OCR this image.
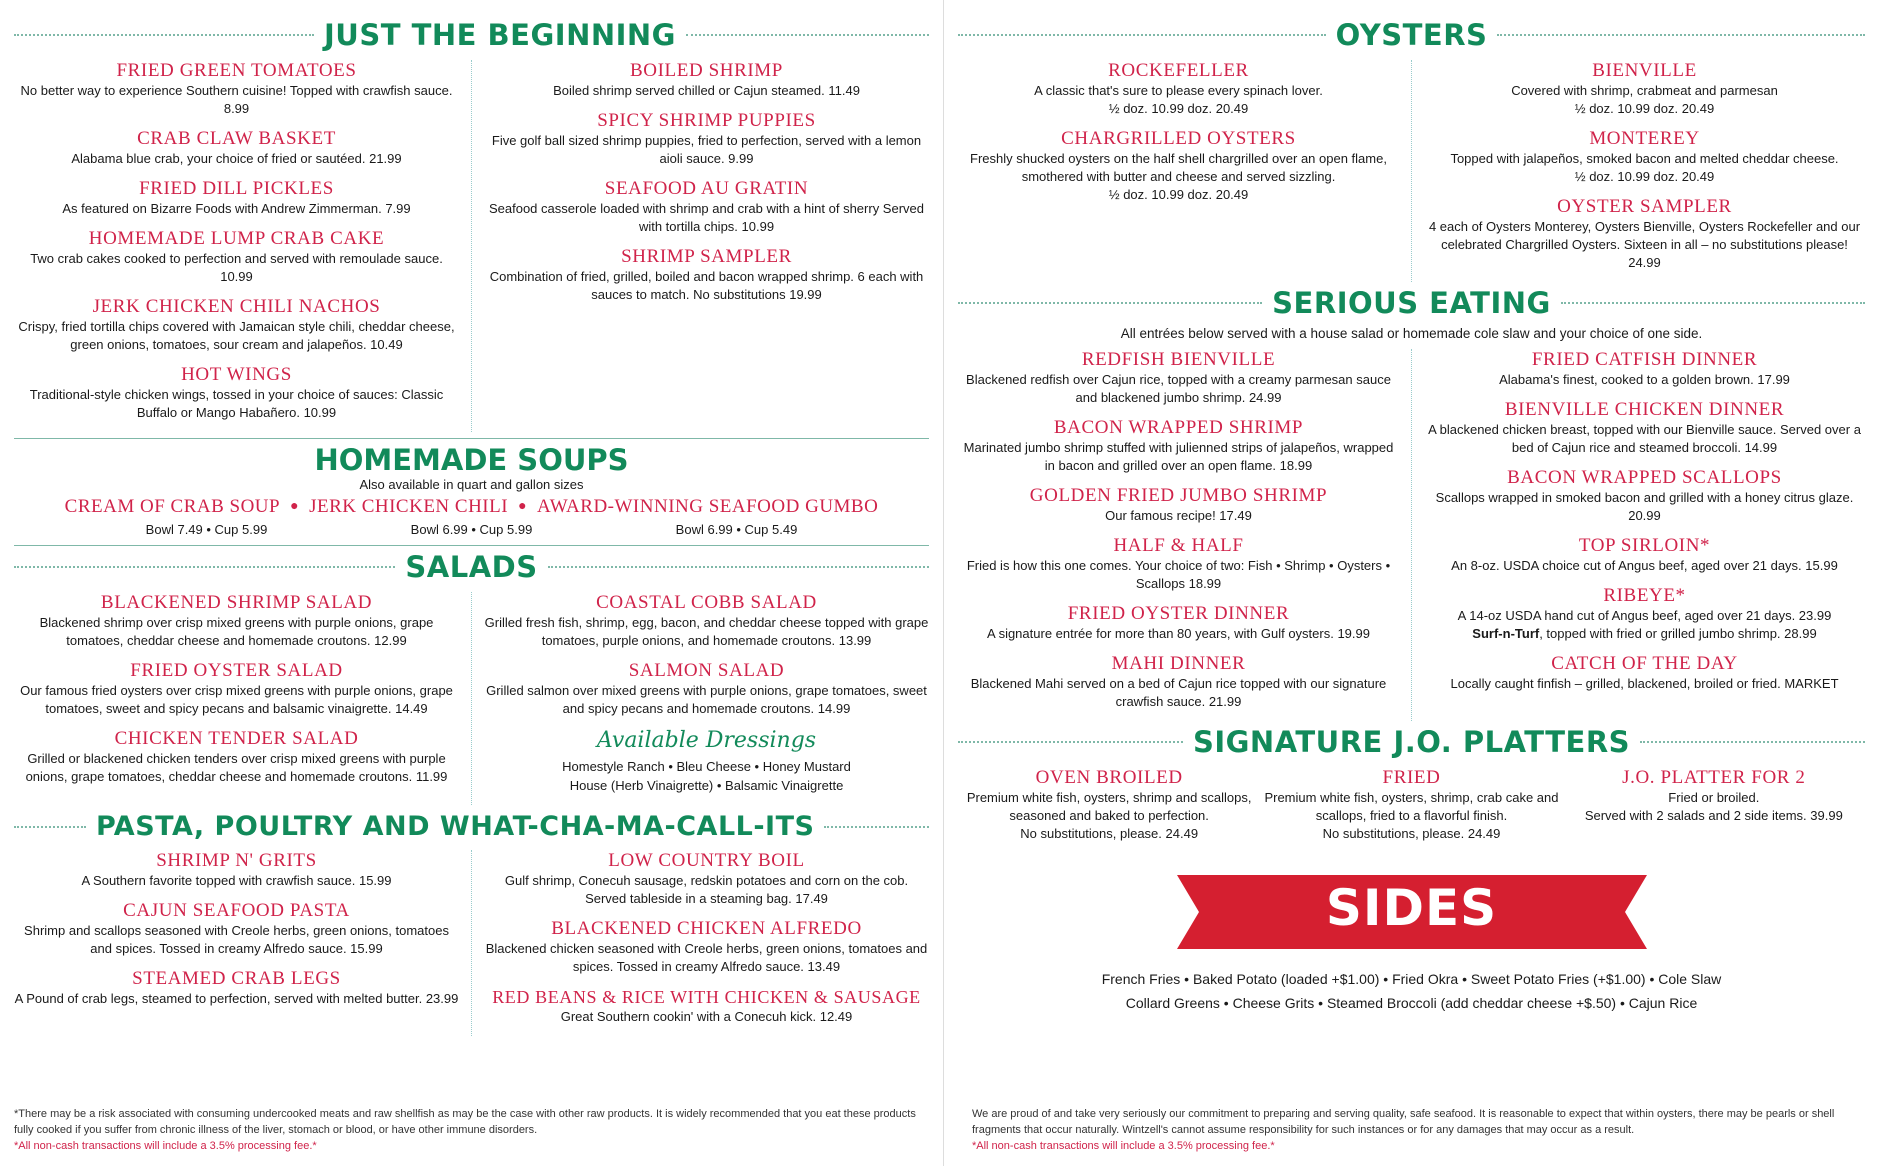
JUST THE BEGINNING
FRIED GREEN TOMATOES
No better way to experience Southern cuisine! Topped with crawfish sauce. 8.99
CRAB CLAW BASKET
Alabama blue crab, your choice of fried or sautéed. 21.99
FRIED DILL PICKLES
As featured on Bizarre Foods with Andrew Zimmerman. 7.99
HOMEMADE LUMP CRAB CAKE
Two crab cakes cooked to perfection and served with remoulade sauce. 10.99
JERK CHICKEN CHILI NACHOS
Crispy, fried tortilla chips covered with Jamaican style chili, cheddar cheese, green onions, tomatoes, sour cream and jalapeños. 10.49
HOT WINGS
Traditional-style chicken wings, tossed in your choice of sauces: Classic Buffalo or Mango Habañero. 10.99
BOILED SHRIMP
Boiled shrimp served chilled or Cajun steamed. 11.49
SPICY SHRIMP PUPPIES
Five golf ball sized shrimp puppies, fried to perfection, served with a lemon aioli sauce. 9.99
SEAFOOD AU GRATIN
Seafood casserole loaded with shrimp and crab with a hint of sherry Served with tortilla chips. 10.99
SHRIMP SAMPLER
Combination of fried, grilled, boiled and bacon wrapped shrimp. 6 each with sauces to match. No substitutions 19.99
HOMEMADE SOUPS
Also available in quart and gallon sizes
CREAM OF CRAB SOUP ● JERK CHICKEN CHILI ● AWARD-WINNING SEAFOOD GUMBO
Bowl 7.49 • Cup 5.99	Bowl 6.99 • Cup 5.99	Bowl 6.99 • Cup 5.49
SALADS
BLACKENED SHRIMP SALAD
Blackened shrimp over crisp mixed greens with purple onions, grape tomatoes, cheddar cheese and homemade croutons. 12.99
FRIED OYSTER SALAD
Our famous fried oysters over crisp mixed greens with purple onions, grape tomatoes, sweet and spicy pecans and balsamic vinaigrette. 14.49
CHICKEN TENDER SALAD
Grilled or blackened chicken tenders over crisp mixed greens with purple onions, grape tomatoes, cheddar cheese and homemade croutons. 11.99
COASTAL COBB SALAD
Grilled fresh fish, shrimp, egg, bacon, and cheddar cheese topped with grape tomatoes, purple onions, and homemade croutons. 13.99
SALMON SALAD
Grilled salmon over mixed greens with purple onions, grape tomatoes, sweet and spicy pecans and homemade croutons. 14.99
Available Dressings
Homestyle Ranch • Bleu Cheese • Honey Mustard
House (Herb Vinaigrette) • Balsamic Vinaigrette
PASTA, POULTRY AND WHAT-CHA-MA-CALL-ITS
SHRIMP N' GRITS
A Southern favorite topped with crawfish sauce. 15.99
CAJUN SEAFOOD PASTA
Shrimp and scallops seasoned with Creole herbs, green onions, tomatoes and spices. Tossed in creamy Alfredo sauce. 15.99
STEAMED CRAB LEGS
A Pound of crab legs, steamed to perfection, served with melted butter. 23.99
LOW COUNTRY BOIL
Gulf shrimp, Conecuh sausage, redskin potatoes and corn on the cob. Served tableside in a steaming bag. 17.49
BLACKENED CHICKEN ALFREDO
Blackened chicken seasoned with Creole herbs, green onions, tomatoes and spices. Tossed in creamy Alfredo sauce. 13.49
RED BEANS & RICE WITH CHICKEN & SAUSAGE
Great Southern cookin' with a Conecuh kick. 12.49
*There may be a risk associated with consuming undercooked meats and raw shellfish as may be the case with other raw products. It is widely recommended that you eat these products fully cooked if you suffer from chronic illness of the liver, stomach or blood, or have other immune disorders.
*All non-cash transactions will include a 3.5% processing fee.*
OYSTERS
ROCKEFELLER
A classic that's sure to please every spinach lover.
½ doz. 10.99 doz. 20.49
CHARGRILLED OYSTERS
Freshly shucked oysters on the half shell chargrilled over an open flame, smothered with butter and cheese and served sizzling.
½ doz. 10.99 doz. 20.49
BIENVILLE
Covered with shrimp, crabmeat and parmesan
½ doz. 10.99 doz. 20.49
MONTEREY
Topped with jalapeños, smoked bacon and melted cheddar cheese.
½ doz. 10.99 doz. 20.49
OYSTER SAMPLER
4 each of Oysters Monterey, Oysters Bienville, Oysters Rockefeller and our celebrated Chargrilled Oysters. Sixteen in all – no substitutions please! 24.99
SERIOUS EATING
All entrées below served with a house salad or homemade cole slaw and your choice of one side.
REDFISH BIENVILLE
Blackened redfish over Cajun rice, topped with a creamy parmesan sauce and blackened jumbo shrimp. 24.99
BACON WRAPPED SHRIMP
Marinated jumbo shrimp stuffed with julienned strips of jalapeños, wrapped in bacon and grilled over an open flame. 18.99
GOLDEN FRIED JUMBO SHRIMP
Our famous recipe! 17.49
HALF & HALF
Fried is how this one comes. Your choice of two: Fish • Shrimp • Oysters • Scallops 18.99
FRIED OYSTER DINNER
A signature entrée for more than 80 years, with Gulf oysters. 19.99
MAHI DINNER
Blackened Mahi served on a bed of Cajun rice topped with our signature crawfish sauce. 21.99
FRIED CATFISH DINNER
Alabama's finest, cooked to a golden brown. 17.99
BIENVILLE CHICKEN DINNER
A blackened chicken breast, topped with our Bienville sauce. Served over a bed of Cajun rice and steamed broccoli. 14.99
BACON WRAPPED SCALLOPS
Scallops wrapped in smoked bacon and grilled with a honey citrus glaze. 20.99
TOP SIRLOIN*
An 8-oz. USDA choice cut of Angus beef, aged over 21 days. 15.99
RIBEYE*
A 14-oz USDA hand cut of Angus beef, aged over 21 days. 23.99
Surf-n-Turf, topped with fried or grilled jumbo shrimp. 28.99
CATCH OF THE DAY
Locally caught finfish – grilled, blackened, broiled or fried. MARKET
SIGNATURE J.O. PLATTERS
OVEN BROILED
Premium white fish, oysters, shrimp and scallops, seasoned and baked to perfection.
No substitutions, please. 24.49
FRIED
Premium white fish, oysters, shrimp, crab cake and scallops, fried to a flavorful finish.
No substitutions, please. 24.49
J.O. PLATTER FOR 2
Fried or broiled.
Served with 2 salads and 2 side items. 39.99
SIDES
French Fries • Baked Potato (loaded +$1.00) • Fried Okra • Sweet Potato Fries (+$1.00) • Cole Slaw
Collard Greens • Cheese Grits • Steamed Broccoli (add cheddar cheese +$.50) • Cajun Rice
We are proud of and take very seriously our commitment to preparing and serving quality, safe seafood. It is reasonable to expect that within oysters, there may be pearls or shell fragments that occur naturally. Wintzell's cannot assume responsibility for such instances or for any damages that may occur as a result.
*All non-cash transactions will include a 3.5% processing fee.*
